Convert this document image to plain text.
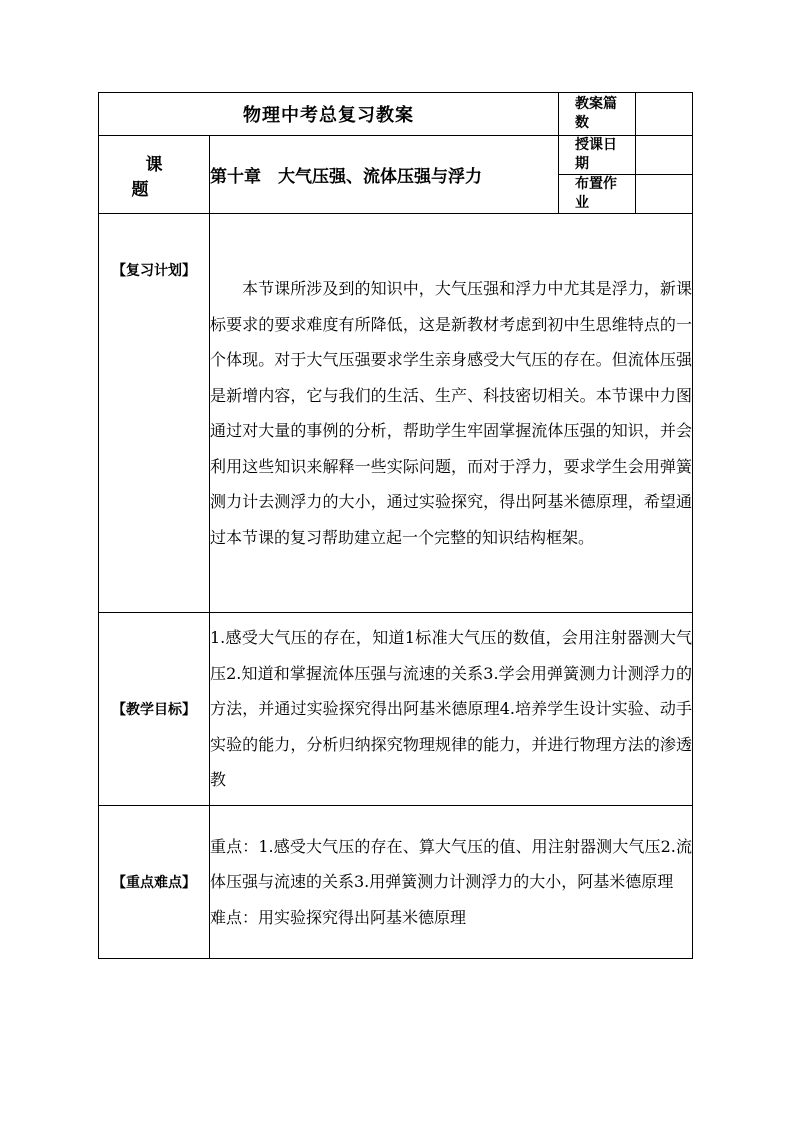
物理中考总复习教案		教案篇数	
课 题	第十章　大气压强、流体压强与浮力	授课日期	
		布置作业	
【复习计划】	本节课所涉及到的知识中，大气压强和浮力中尤其是浮力，新课标要求的要求难度有所降低，这是新教材考虑到初中生思维特点的一个体现。对于大气压强要求学生亲身感受大气压的存在。但流体压强是新增内容，它与我们的生活、生产、科技密切相关。本节课中力图通过对大量的事例的分析，帮助学生牢固掌握流体压强的知识，并会利用这些知识来解释一些实际问题，而对于浮力，要求学生会用弹簧测力计去测浮力的大小，通过实验探究，得出阿基米德原理，希望通过本节课的复习帮助建立起一个完整的知识结构框架。		

【教学目标】	1.感受大气压的存在，知道1标准大气压的数值，会用注射器测大气压2.知道和掌握流体压强与流速的关系3.学会用弹簧测力计测浮力的方法，并通过实验探究得出阿基米德原理4.培养学生设计实验、动手实验的能力，分析归纳探究物理规律的能力，并进行物理方法的渗透教		

【重点难点】	重点：1.感受大气压的存在、算大气压的值、用注射器测大气压2.流体压强与流速的关系3.用弹簧测力计测浮力的大小，阿基米德原理

难点：用实验探究得出阿基米德原理		
